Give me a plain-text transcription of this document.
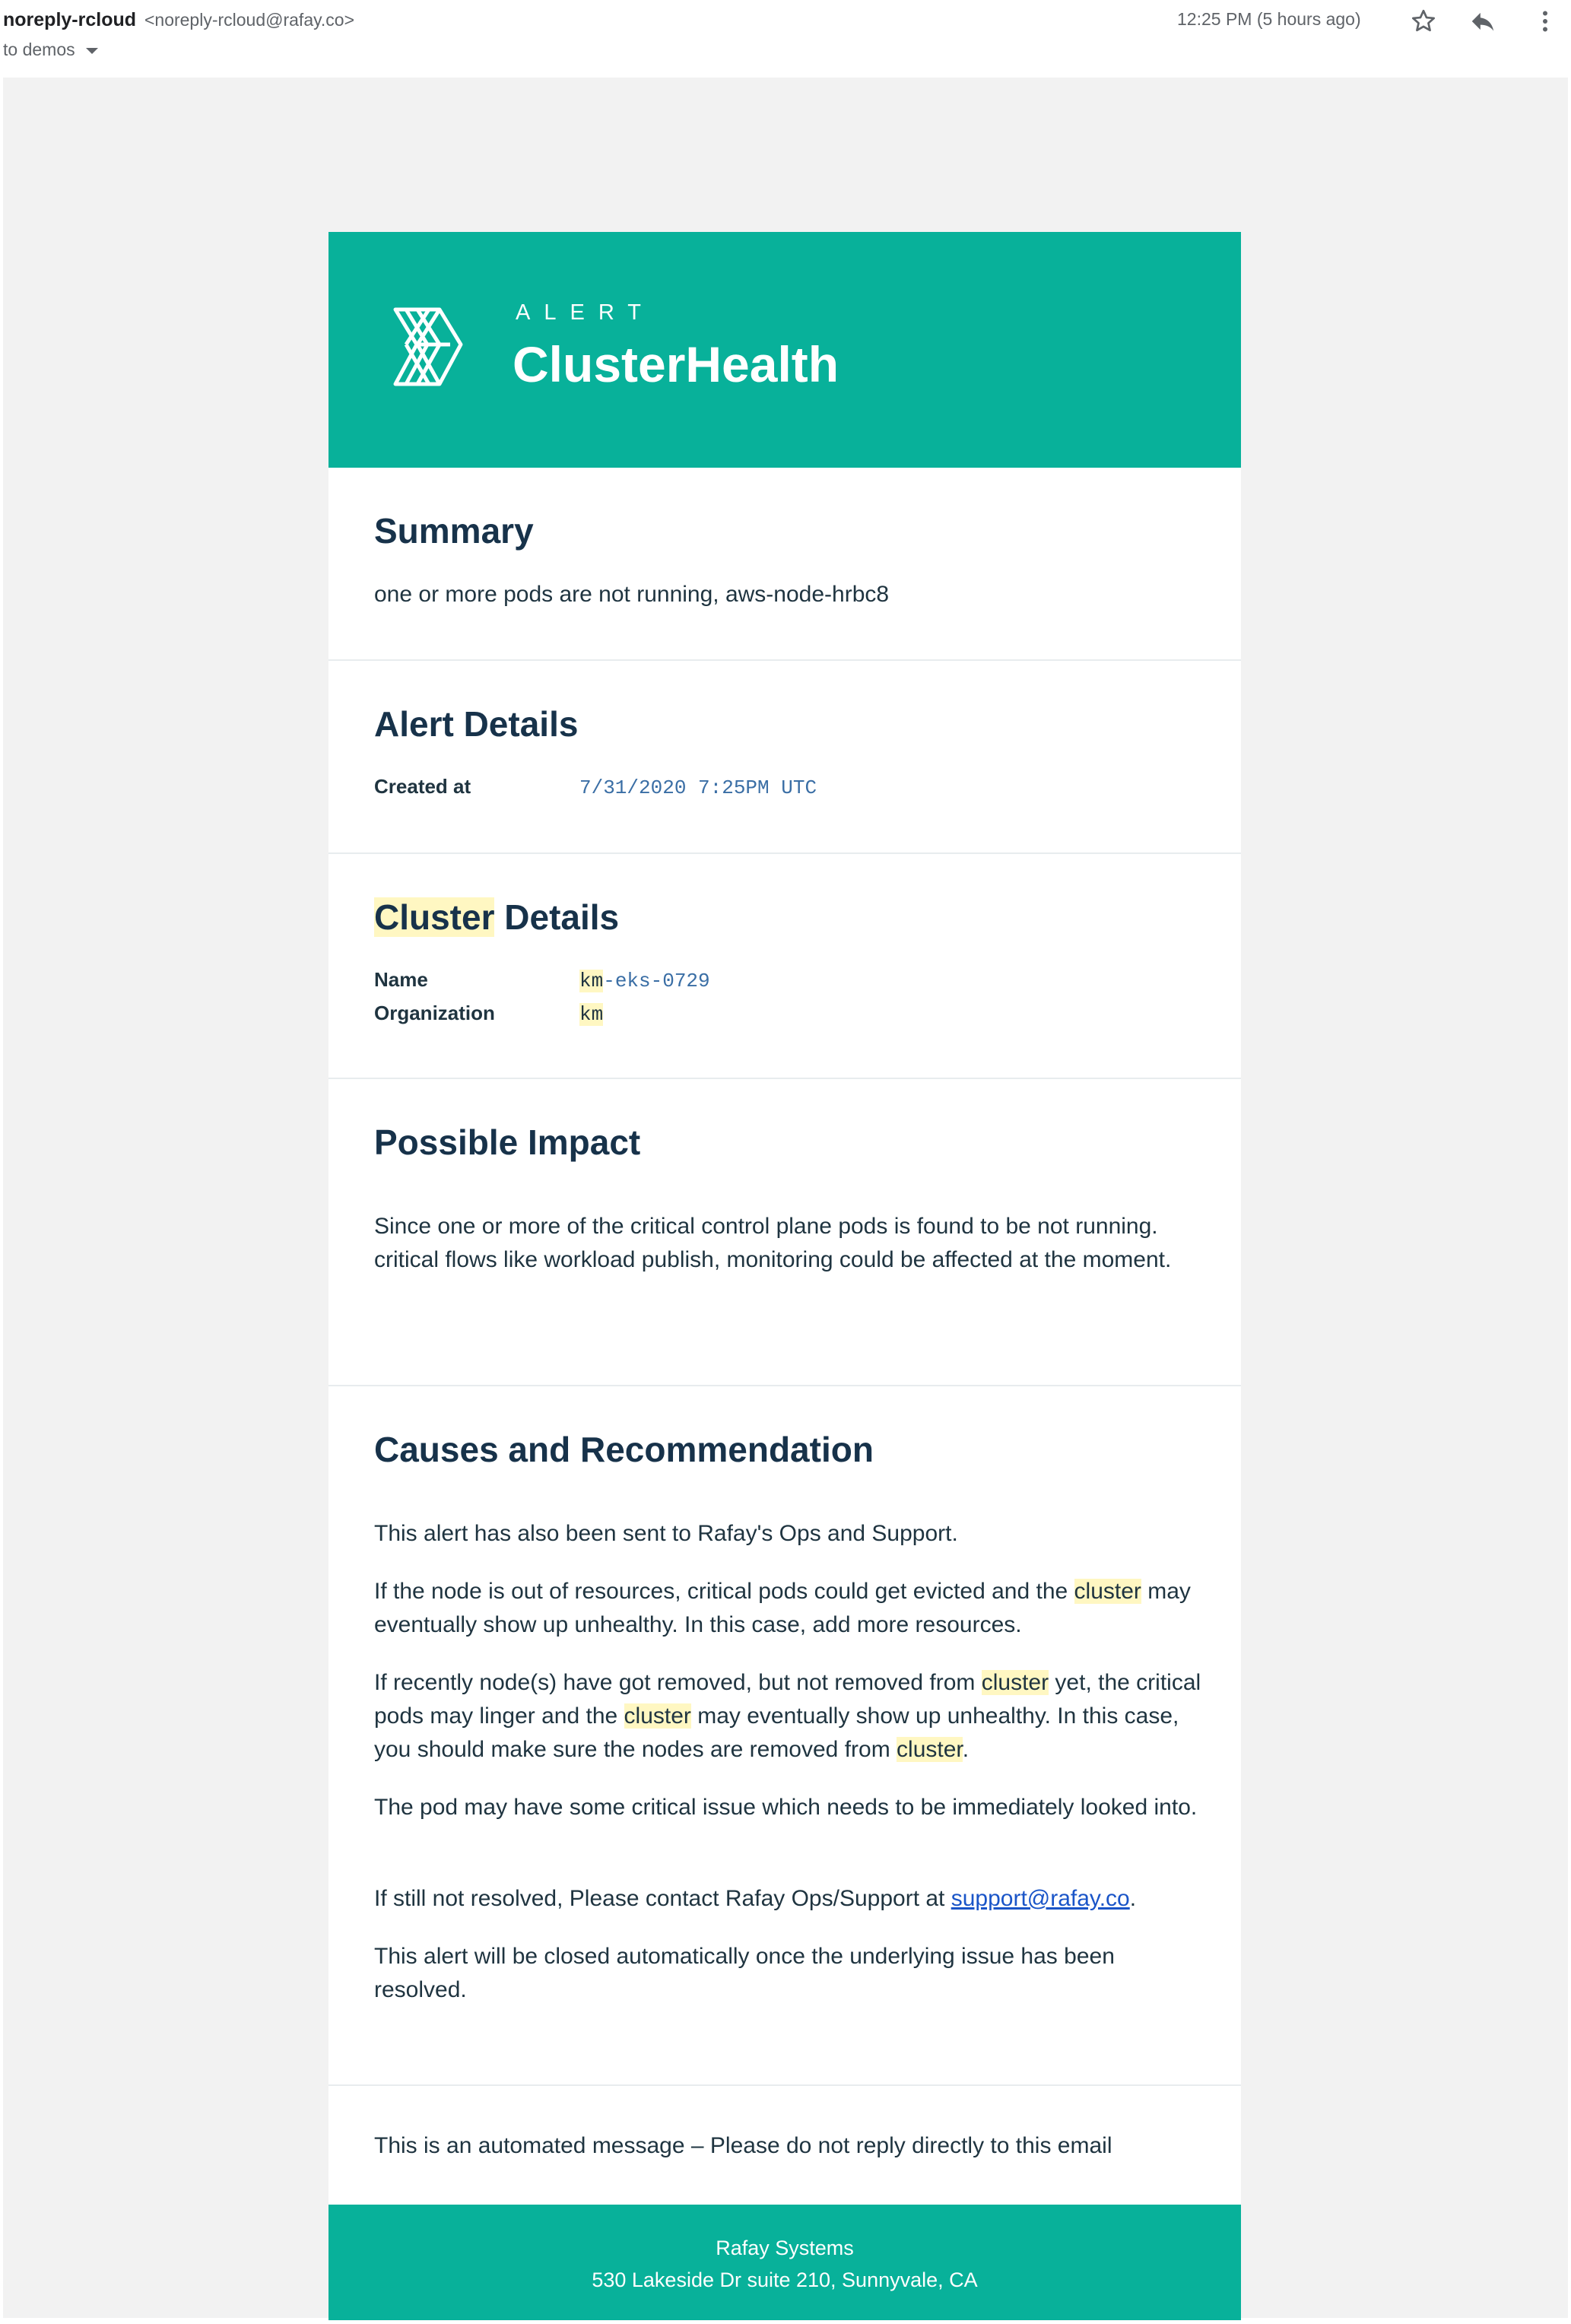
noreply-rcloud <noreply-rcloud@rafay.co>
to demos
12:25 PM (5 hours ago)
ALERT
ClusterHealth
Summary
one or more pods are not running, aws-node-hrbc8
Alert Details
Created at	7/31/2020 7:25PM UTC
Cluster Details
Name	km-eks-0729
Organization	km
Possible Impact

Since one or more of the critical control plane pods is found to be not running. critical flows like workload publish, monitoring could be affected at the moment.

Causes and Recommendation

This alert has also been sent to Rafay's Ops and Support.

If the node is out of resources, critical pods could get evicted and the cluster may eventually show up unhealthy. In this case, add more resources.

If recently node(s) have got removed, but not removed from cluster yet, the critical pods may linger and the cluster may eventually show up unhealthy. In this case, you should make sure the nodes are removed from cluster.

The pod may have some critical issue which needs to be immediately looked into.

If still not resolved, Please contact Rafay Ops/Support at support@rafay.co.

This alert will be closed automatically once the underlying issue has been resolved.

This is an automated message – Please do not reply directly to this email
Rafay Systems
530 Lakeside Dr suite 210, Sunnyvale, CA
